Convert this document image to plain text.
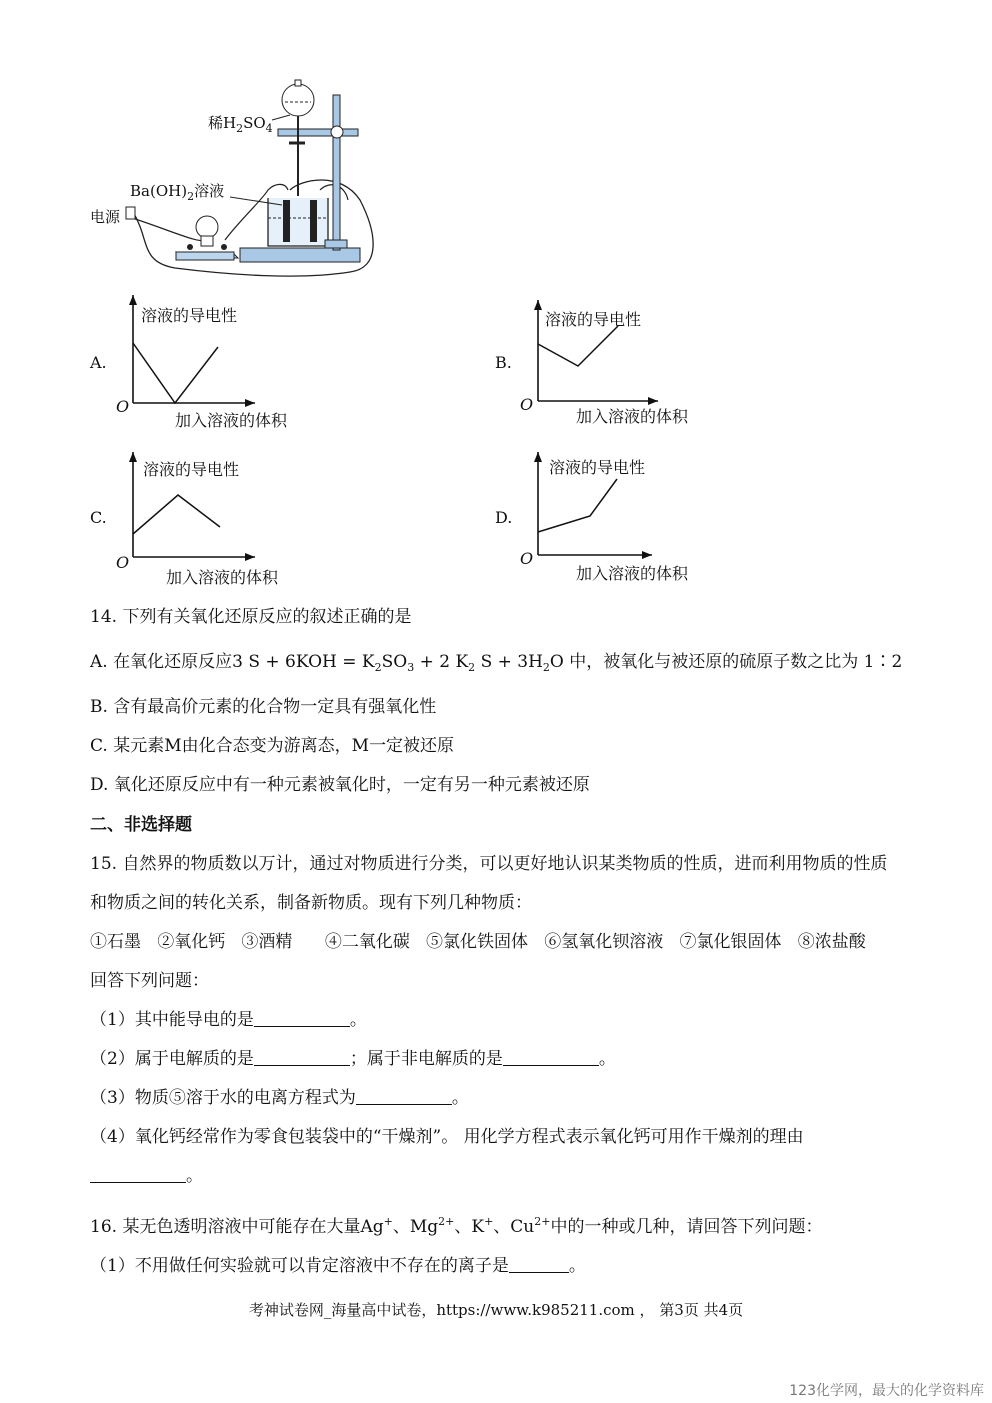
稀$H_2SO_4$
$Ba(OH)_2$溶液
电源
A.
溶液的导电性
加入溶液的体积
O
B.
溶液的导电性
加入溶液的体积
O
C.
溶液的导电性
加入溶液的体积
O
D.
溶液的导电性
加入溶液的体积
O
14. 下列有关氧化还原反应的叙述正确的是
A. 在氧化还原反应3 $S + 6KOH = K_2SO_3 + 2$ $K_2$ $S + 3H_2O$ 中，被氧化与被还原的硫原子数之比为 1∶2
B. 含有最高价元素的化合物一定具有强氧化性
C. 某元素M由化合态变为游离态，M一定被还原
D. 氧化还原反应中有一种元素被氧化时，一定有另一种元素被还原
二、非选择题
15. 自然界的物质数以万计，通过对物质进行分类，可以更好地认识某类物质的性质，进而利用物质的性质
和物质之间的转化关系，制备新物质。现有下列几种物质：
①石墨   ②氧化钙   ③酒精      ④二氧化碳   ⑤氯化铁固体   ⑥氢氧化钡溶液   ⑦氯化银固体   ⑧浓盐酸
回答下列问题：
（1）其中能导电的是	。
（2）属于电解质的是	；属于非电解质的是	。
（3）物质⑤溶于水的电离方程式为	。
（4）氧化钙经常作为零食包装袋中的“干燥剂”。 用化学方程式表示氧化钙可用作干燥剂的理由
。
16. 某无色透明溶液中可能存在大量Ag+、$Mg^{2+}$、K+、$Cu^{2+}$中的一种或几种，请回答下列问题：
（1）不用做任何实验就可以肯定溶液中不存在的离子是	。
考神试卷网_海量高中试卷，https://www.k985211.com ， 第3页 共4页
123化学网，最大的化学资料库
